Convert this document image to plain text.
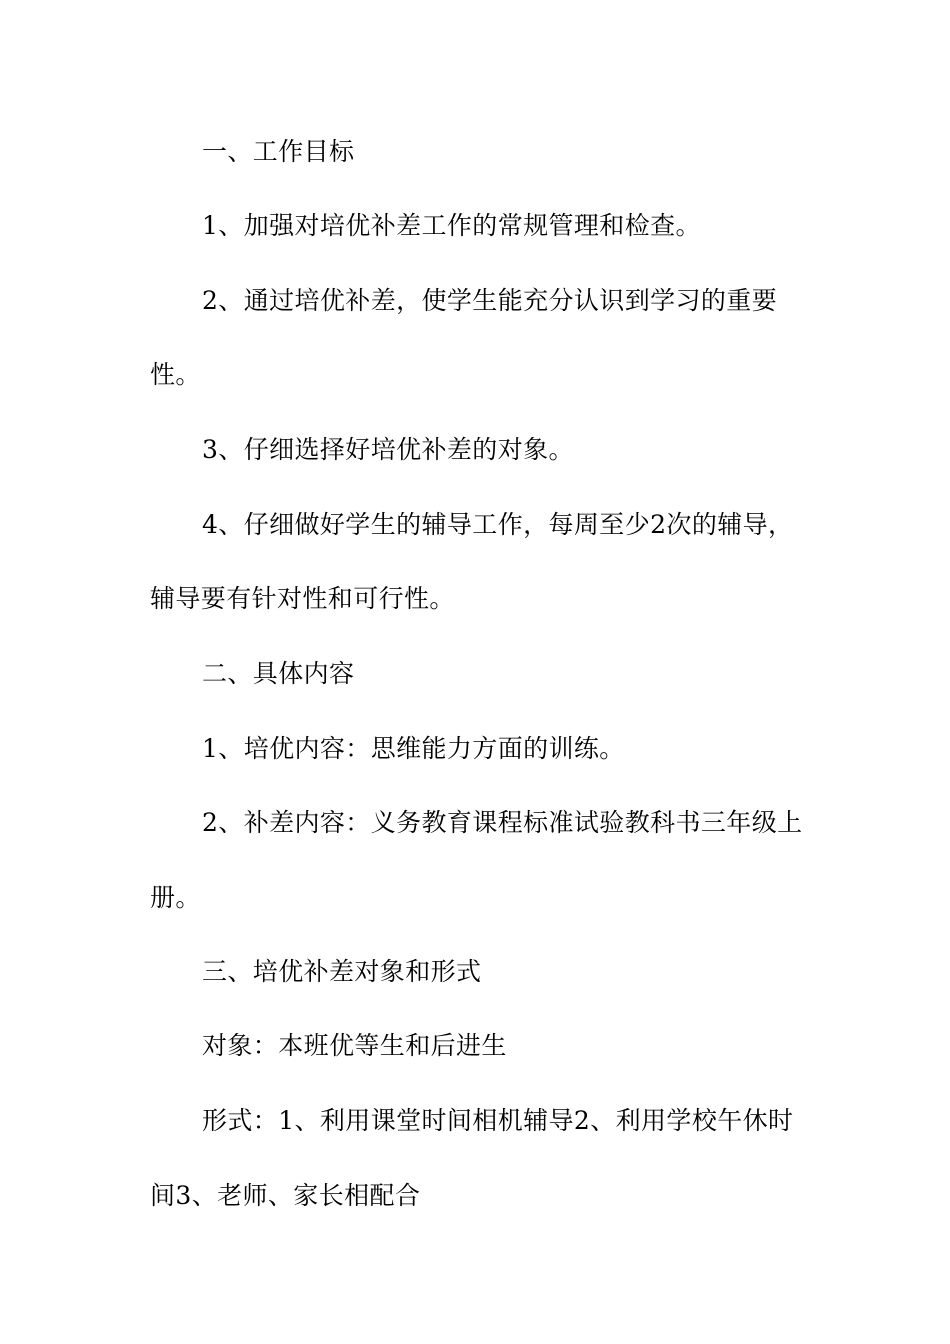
一、工作目标
1、加强对培优补差工作的常规管理和检查。
2、通过培优补差，使学生能充分认识到学习的重要
性。
3、仔细选择好培优补差的对象。
4、仔细做好学生的辅导工作，每周至少2次的辅导，
辅导要有针对性和可行性。
二、具体内容
1、培优内容：思维能力方面的训练。
2、补差内容：义务教育课程标准试验教科书三年级上
册。
三、培优补差对象和形式
对象：本班优等生和后进生
形式：1、利用课堂时间相机辅导2、利用学校午休时
间3、老师、家长相配合
